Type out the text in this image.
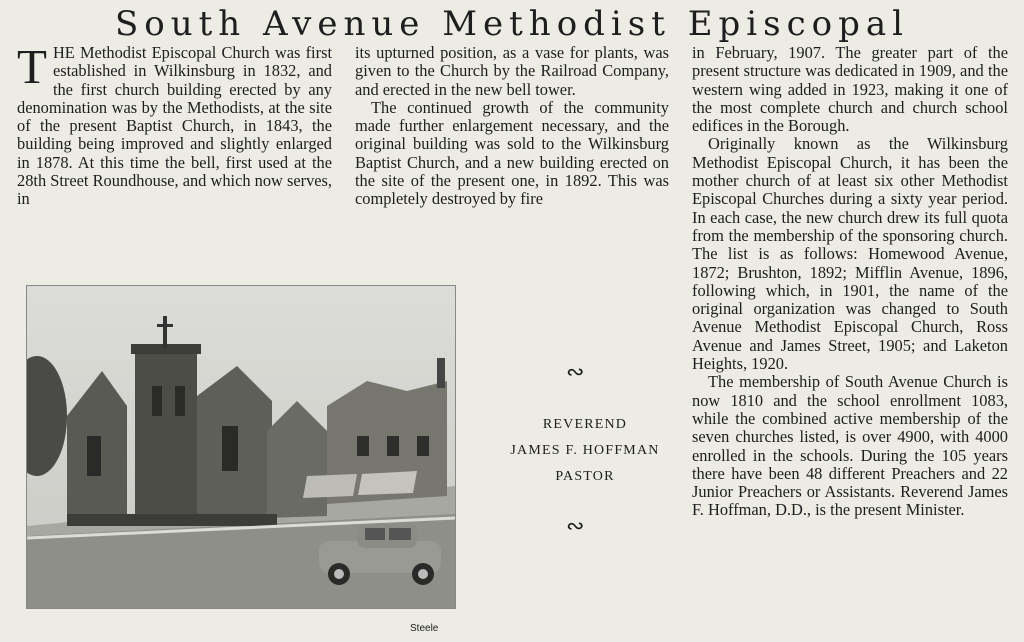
South Avenue Methodist Episcopal

THE Methodist Episcopal Church was first established in Wilkinsburg in 1832, and the first church building erected by any denomination was by the Methodists, at the site of the present Baptist Church, in 1843, the building being improved and slightly enlarged in 1878. At this time the bell, first used at the 28th Street Roundhouse, and which now serves, in

its upturned position, as a vase for plants, was given to the Church by the Railroad Company, and erected in the new bell tower.

The continued growth of the community made further enlargement necessary, and the original building was sold to the Wilkinsburg Baptist Church, and a new building erected on the site of the present one, in 1892. This was completely destroyed by fire

in February, 1907. The greater part of the present structure was dedicated in 1909, and the western wing added in 1923, making it one of the most complete church and church school edifices in the Borough.

Originally known as the Wilkinsburg Methodist Episcopal Church, it has been the mother church of at least six other Methodist Episcopal Churches during a sixty year period. In each case, the new church drew its full quota from the membership of the sponsoring church. The list is as follows: Homewood Avenue, 1872; Brushton, 1892; Mifflin Avenue, 1896, following which, in 1901, the name of the original organization was changed to South Avenue Methodist Episcopal Church, Ross Avenue and James Street, 1905; and Laketon Heights, 1920.

The membership of South Avenue Church is now 1810 and the school enrollment 1083, while the combined active membership of the seven churches listed, is over 4900, with 4000 enrolled in the schools. During the 105 years there have been 48 different Preachers and 22 Junior Preachers or Assistants. Reverend James F. Hoffman, D.D., is the present Minister.

Steele
∾
REVEREND
JAMES F. HOFFMAN
PASTOR
∾
